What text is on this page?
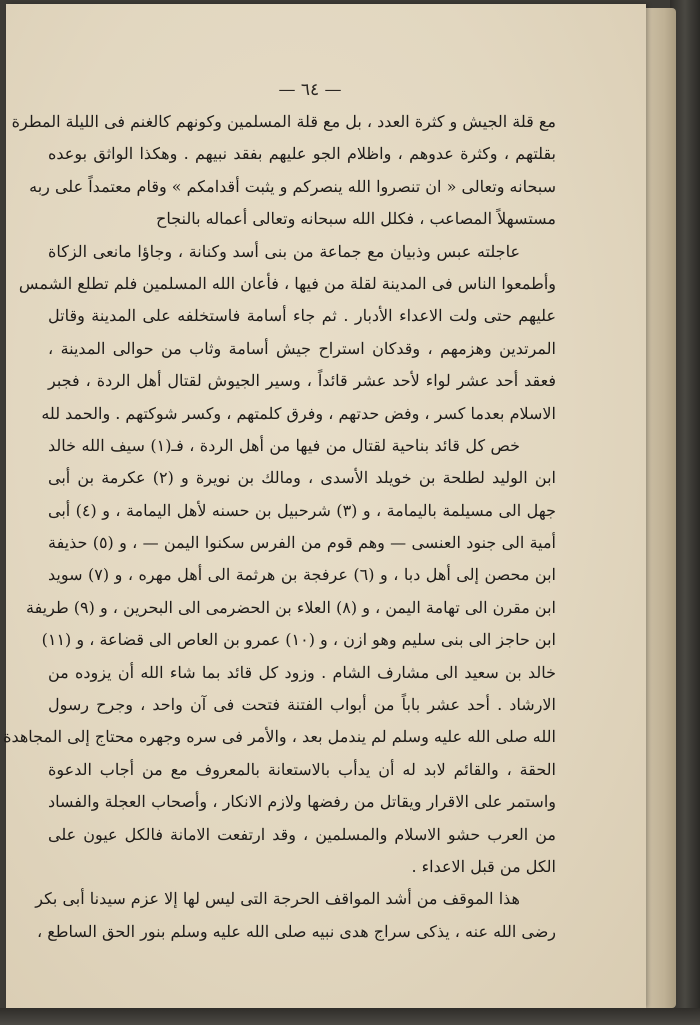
— ٦٤ —
مع قلة الجيش و كثرة العدد ، بل مع قلة المسلمين وكونهم كالغنم فى الليلة المطرة
بقلتهم ، وكثرة عدوهم ، واظلام الجو عليهم بفقد نبيهم . وهكذا الواثق بوعده
سبحانه وتعالى « ان تنصروا الله ينصركم و يثبت أقدامكم » وقام معتمداً على ربه
مستسهلاً المصاعب ، فكلل الله سبحانه وتعالى أعماله بالنجاح
عاجلته عبس وذبيان مع جماعة من بنى أسد وكنانة ، وجاؤا مانعى الزكاة
وأطمعوا الناس فى المدينة لقلة من فيها ، فأعان الله المسلمين فلم تطلع الشمس
عليهم حتى ولت الاعداء الأدبار . ثم جاء أسامة فاستخلفه على المدينة وقاتل
المرتدين وهزمهم ، وقدكان استراح جيش أسامة وثاب من حوالى المدينة ،
فعقد أحد عشر لواء لأحد عشر قائداً ، وسير الجيوش لقتال أهل الردة ، فجبر
الاسلام بعدما كسر ، وفض حدتهم ، وفرق كلمتهم ، وكسر شوكتهم . والحمد لله
خص كل قائد بناحية لقتال من فيها من أهل الردة ، فـ(١) سيف الله خالد
ابن الوليد لطلحة بن خويلد الأسدى ، ومالك بن نويرة و (٢) عكرمة بن أبى
جهل الى مسيلمة باليمامة ، و (٣) شرحبيل بن حسنه لأهل اليمامة ، و (٤) أبى
أمية الى جنود العنسى — وهم قوم من الفرس سكنوا اليمن — ، و (٥) حذيفة
ابن محصن إلى أهل دبا ، و (٦) عرفجة بن هرثمة الى أهل مهره ، و (٧) سويد
ابن مقرن الى تهامة اليمن ، و (٨) العلاء بن الحضرمى الى البحرين ، و (٩) طريفة
ابن حاجز الى بنى سليم وهو ازن ، و (١٠) عمرو بن العاص الى قضاعة ، و (١١)
خالد بن سعيد الى مشارف الشام . وزود كل قائد بما شاء الله أن يزوده من
الارشاد . أحد عشر باباً من أبواب الفتنة فتحت فى آن واحد ، وجرح رسول
الله صلى الله عليه وسلم لم يندمل بعد ، والأمر فى سره وجهره محتاج إلى المجاهدة
الحقة ، والقائم لابد له أن يدأب بالاستعانة بالمعروف مع من أجاب الدعوة
واستمر على الاقرار ويقاتل من رفضها ولازم الانكار ، وأصحاب العجلة والفساد
من العرب حشو الاسلام والمسلمين ، وقد ارتفعت الامانة فالكل عيون على
الكل من قبل الاعداء .
هذا الموقف من أشد المواقف الحرجة التى ليس لها إلا عزم سيدنا أبى بكر
رضى الله عنه ، يذكى سراج هدى نبيه صلى الله عليه وسلم بنور الحق الساطع ،
